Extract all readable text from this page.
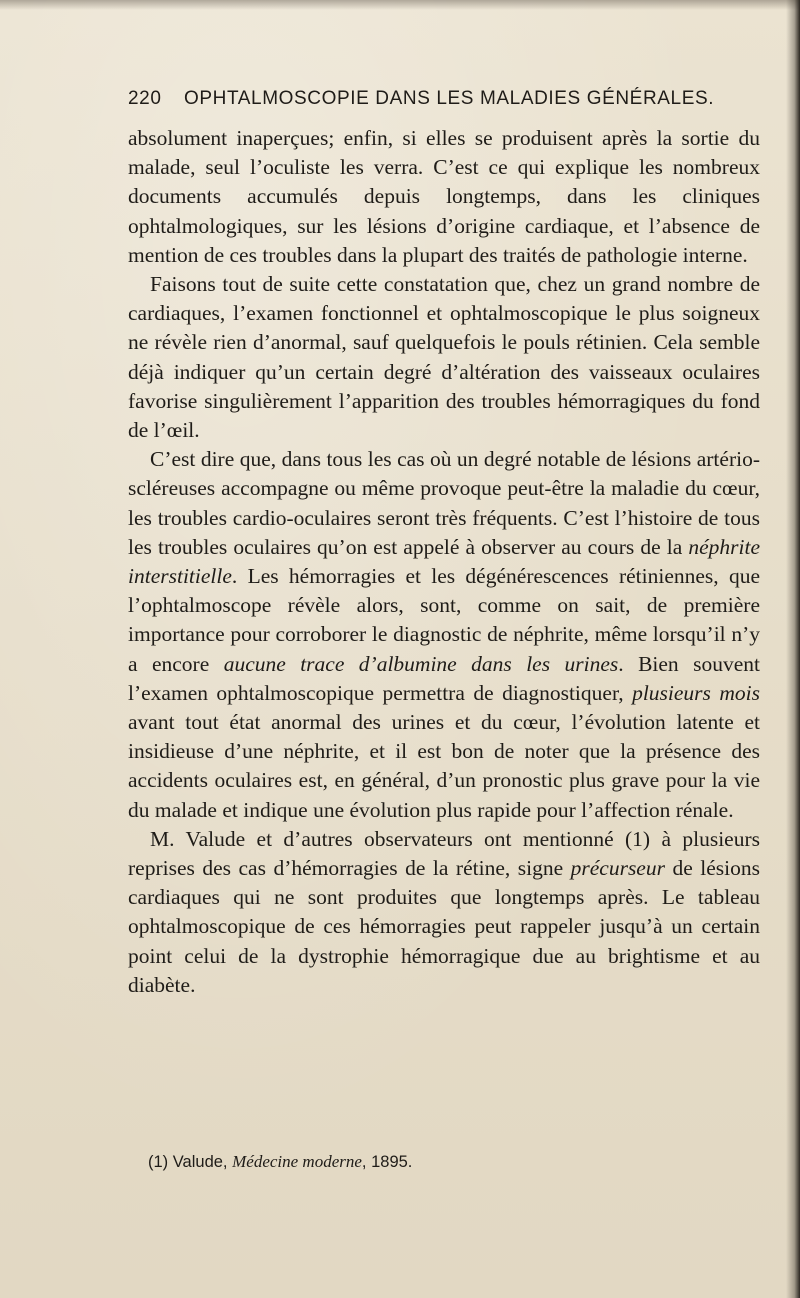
220 OPHTALMOSCOPIE DANS LES MALADIES GÉNÉRALES.

absolument inaperçues; enfin, si elles se produisent après la sortie du malade, seul l’oculiste les verra. C’est ce qui explique les nombreux documents accumulés depuis longtemps, dans les cliniques ophtalmologiques, sur les lésions d’origine cardiaque, et l’absence de mention de ces troubles dans la plupart des traités de pathologie interne.

Faisons tout de suite cette constatation que, chez un grand nombre de cardiaques, l’examen fonctionnel et ophtalmoscopique le plus soigneux ne révèle rien d’anormal, sauf quelquefois le pouls rétinien. Cela semble déjà indiquer qu’un certain degré d’altération des vaisseaux oculaires favorise singulièrement l’apparition des troubles hémorragiques du fond de l’œil.

C’est dire que, dans tous les cas où un degré notable de lésions artério-scléreuses accompagne ou même provoque peut-être la maladie du cœur, les troubles cardio-oculaires seront très fréquents. C’est l’histoire de tous les troubles oculaires qu’on est appelé à observer au cours de la néphrite interstitielle. Les hémorragies et les dégénérescences rétiniennes, que l’ophtalmoscope révèle alors, sont, comme on sait, de première importance pour corroborer le diagnostic de néphrite, même lorsqu’il n’y a encore aucune trace d’albumine dans les urines. Bien souvent l’examen ophtalmoscopique permettra de diagnostiquer, plusieurs mois avant tout état anormal des urines et du cœur, l’évolution latente et insidieuse d’une néphrite, et il est bon de noter que la présence des accidents oculaires est, en général, d’un pronostic plus grave pour la vie du malade et indique une évolution plus rapide pour l’affection rénale.

M. Valude et d’autres observateurs ont mentionné (1) à plusieurs reprises des cas d’hémorragies de la rétine, signe précurseur de lésions cardiaques qui ne sont produites que longtemps après. Le tableau ophtalmoscopique de ces hémorragies peut rappeler jusqu’à un certain point celui de la dystrophie hémorragique due au brightisme et au diabète.

(1) Valude, Médecine moderne, 1895.
